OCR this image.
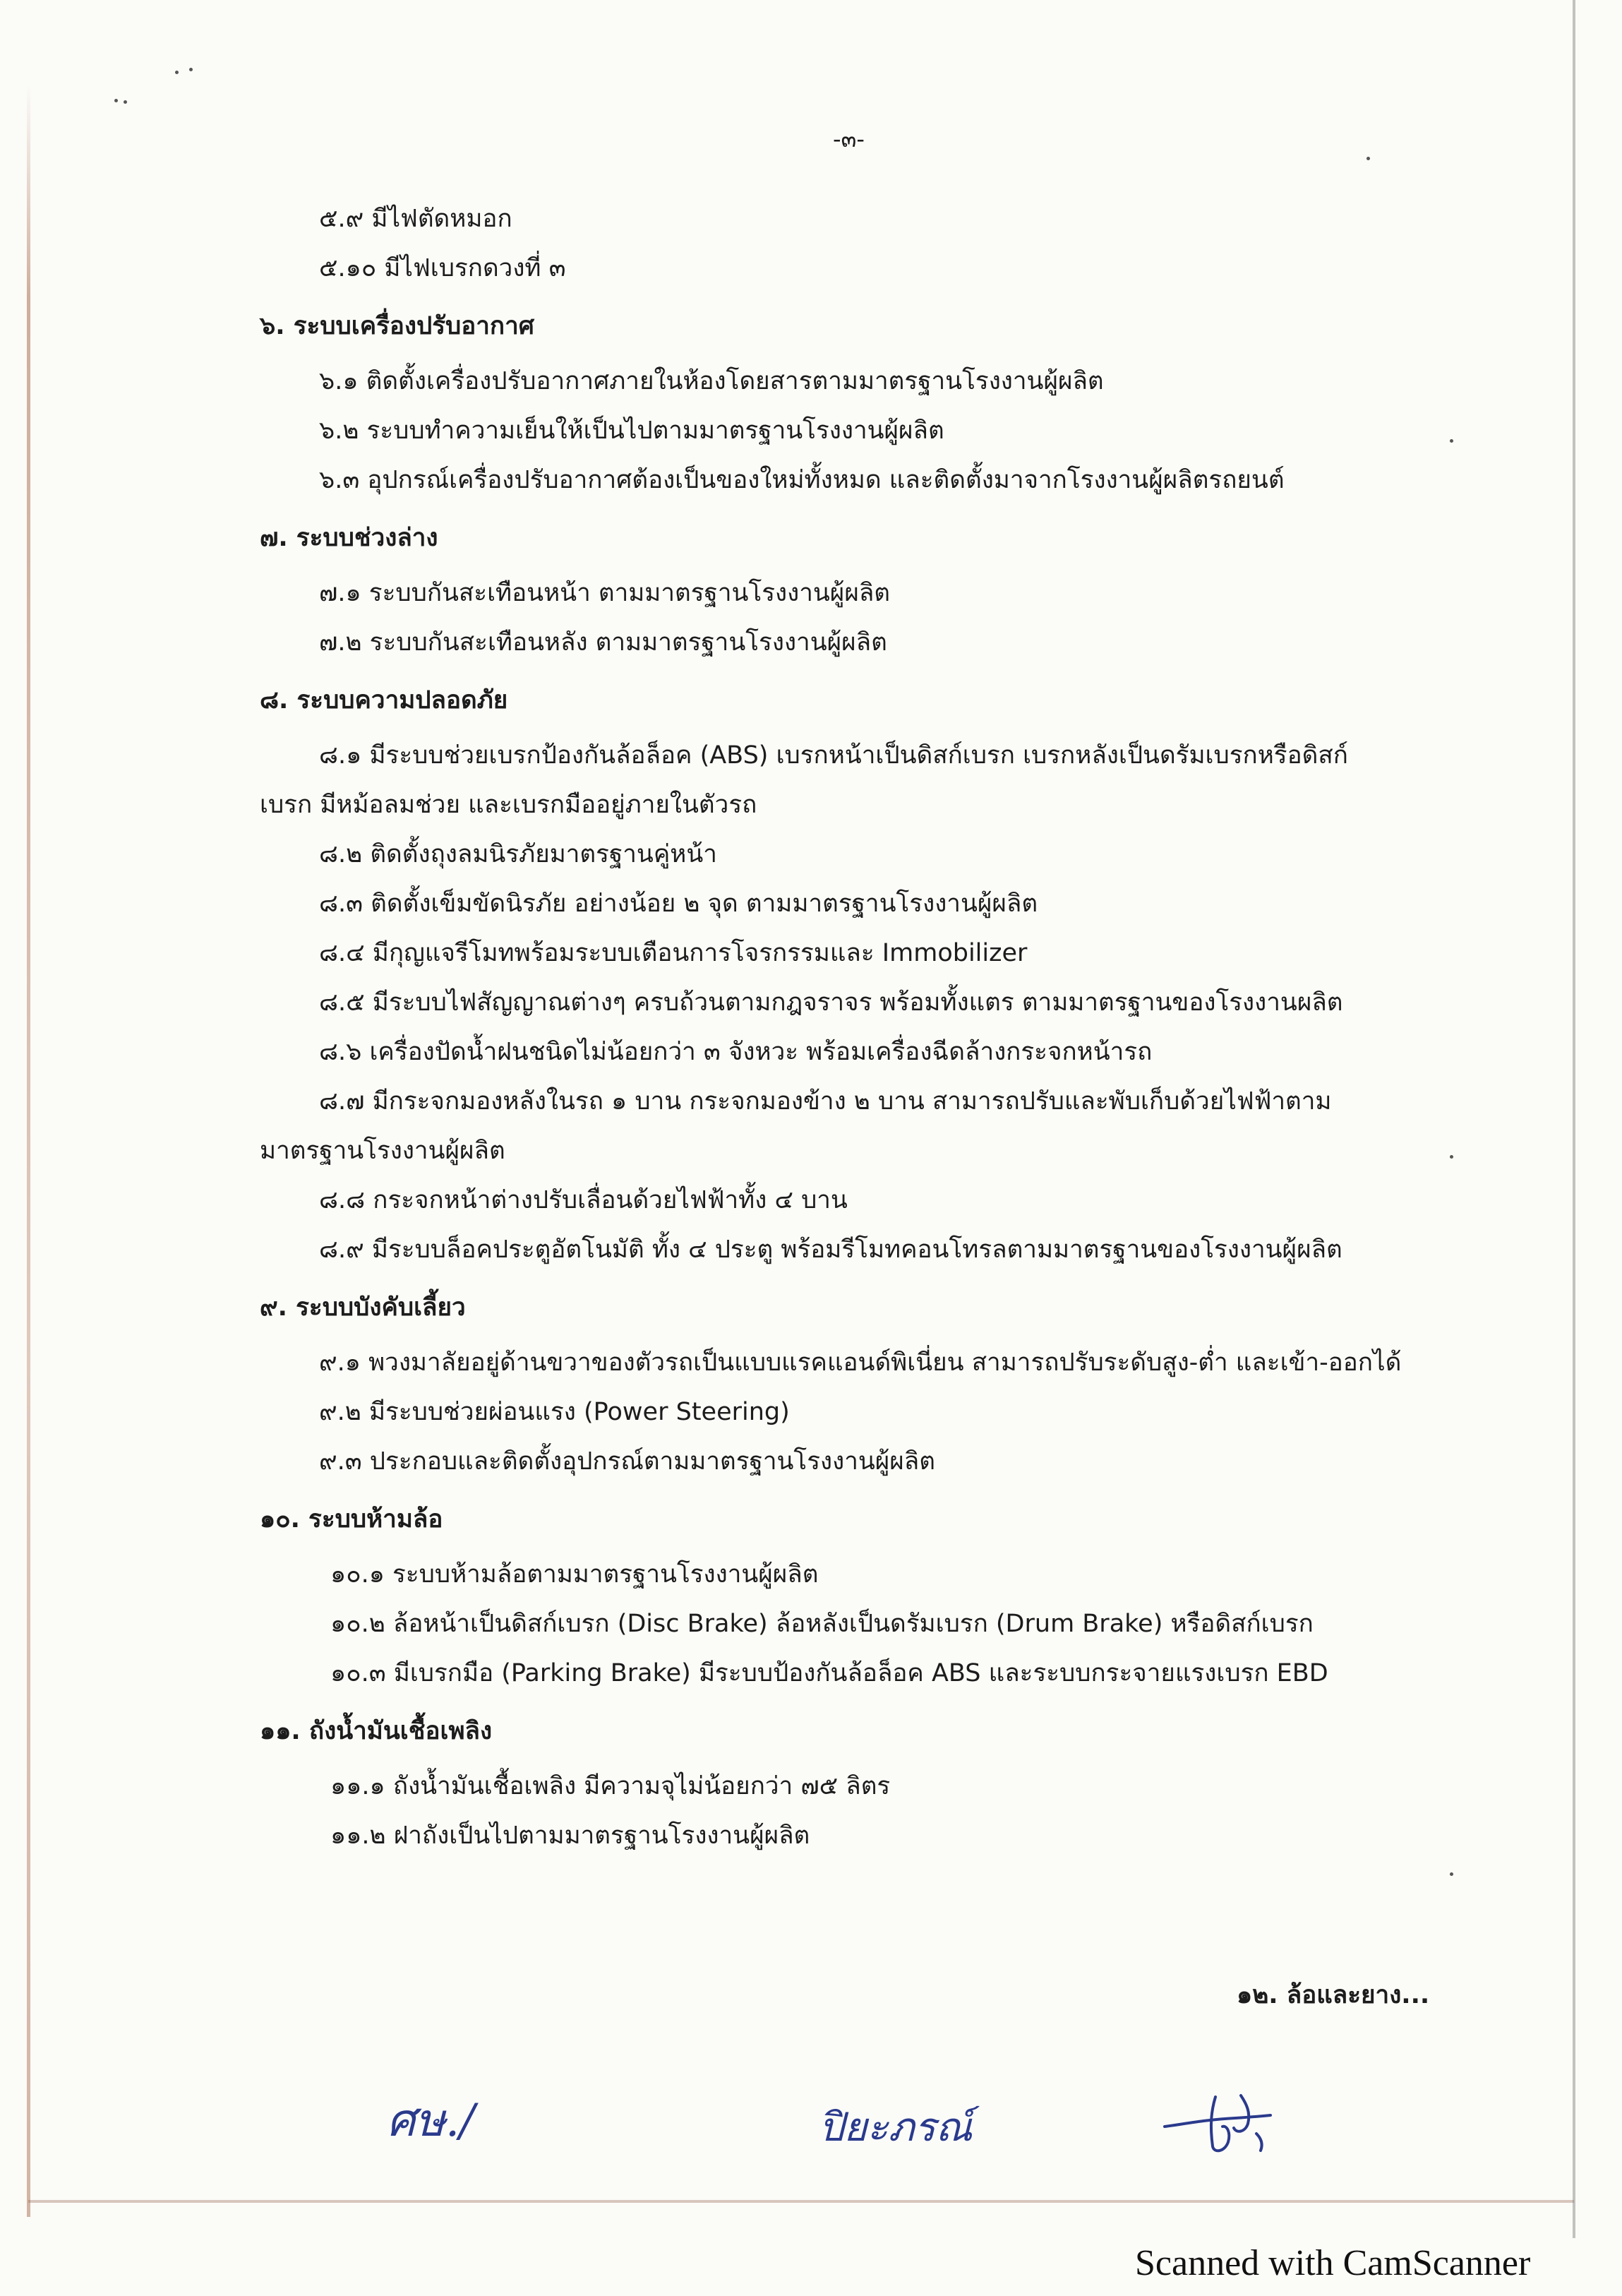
-๓-
๕.๙ มีไฟตัดหมอก
๕.๑๐ มีไฟเบรกดวงที่ ๓
๖. ระบบเครื่องปรับอากาศ
๖.๑ ติดตั้งเครื่องปรับอากาศภายในห้องโดยสารตามมาตรฐานโรงงานผู้ผลิต
๖.๒ ระบบทำความเย็นให้เป็นไปตามมาตรฐานโรงงานผู้ผลิต
๖.๓ อุปกรณ์เครื่องปรับอากาศต้องเป็นของใหม่ทั้งหมด และติดตั้งมาจากโรงงานผู้ผลิตรถยนต์
๗. ระบบช่วงล่าง
๗.๑ ระบบกันสะเทือนหน้า ตามมาตรฐานโรงงานผู้ผลิต
๗.๒ ระบบกันสะเทือนหลัง ตามมาตรฐานโรงงานผู้ผลิต
๘. ระบบความปลอดภัย
๘.๑ มีระบบช่วยเบรกป้องกันล้อล็อค (ABS) เบรกหน้าเป็นดิสก์เบรก เบรกหลังเป็นดรัมเบรกหรือดิสก์
เบรก มีหม้อลมช่วย และเบรกมืออยู่ภายในตัวรถ
๘.๒ ติดตั้งถุงลมนิรภัยมาตรฐานคู่หน้า
๘.๓ ติดตั้งเข็มขัดนิรภัย อย่างน้อย ๒ จุด ตามมาตรฐานโรงงานผู้ผลิต
๘.๔ มีกุญแจรีโมทพร้อมระบบเตือนการโจรกรรมและ Immobilizer
๘.๕ มีระบบไฟสัญญาณต่างๆ ครบถ้วนตามกฎจราจร พร้อมทั้งแตร ตามมาตรฐานของโรงงานผลิต
๘.๖ เครื่องปัดน้ำฝนชนิดไม่น้อยกว่า ๓ จังหวะ พร้อมเครื่องฉีดล้างกระจกหน้ารถ
๘.๗ มีกระจกมองหลังในรถ ๑ บาน กระจกมองข้าง ๒ บาน สามารถปรับและพับเก็บด้วยไฟฟ้าตาม
มาตรฐานโรงงานผู้ผลิต
๘.๘ กระจกหน้าต่างปรับเลื่อนด้วยไฟฟ้าทั้ง ๔ บาน
๘.๙ มีระบบล็อคประตูอัตโนมัติ ทั้ง ๔ ประตู พร้อมรีโมทคอนโทรลตามมาตรฐานของโรงงานผู้ผลิต
๙. ระบบบังคับเลี้ยว
๙.๑ พวงมาลัยอยู่ด้านขวาของตัวรถเป็นแบบแรคแอนด์พิเนี่ยน สามารถปรับระดับสูง-ต่ำ และเข้า-ออกได้
๙.๒ มีระบบช่วยผ่อนแรง (Power Steering)
๙.๓ ประกอบและติดตั้งอุปกรณ์ตามมาตรฐานโรงงานผู้ผลิต
๑๐. ระบบห้ามล้อ
๑๐.๑ ระบบห้ามล้อตามมาตรฐานโรงงานผู้ผลิต
๑๐.๒ ล้อหน้าเป็นดิสก์เบรก (Disc Brake) ล้อหลังเป็นดรัมเบรก (Drum Brake) หรือดิสก์เบรก
๑๐.๓ มีเบรกมือ (Parking Brake) มีระบบป้องกันล้อล็อค ABS และระบบกระจายแรงเบรก EBD
๑๑. ถังน้ำมันเชื้อเพลิง
๑๑.๑ ถังน้ำมันเชื้อเพลิง มีความจุไม่น้อยกว่า ๗๕ ลิตร
๑๑.๒ ฝาถังเป็นไปตามมาตรฐานโรงงานผู้ผลิต
๑๒. ล้อและยาง...
ศษ./	ปิยะภรณ์
Scanned with CamScanner
